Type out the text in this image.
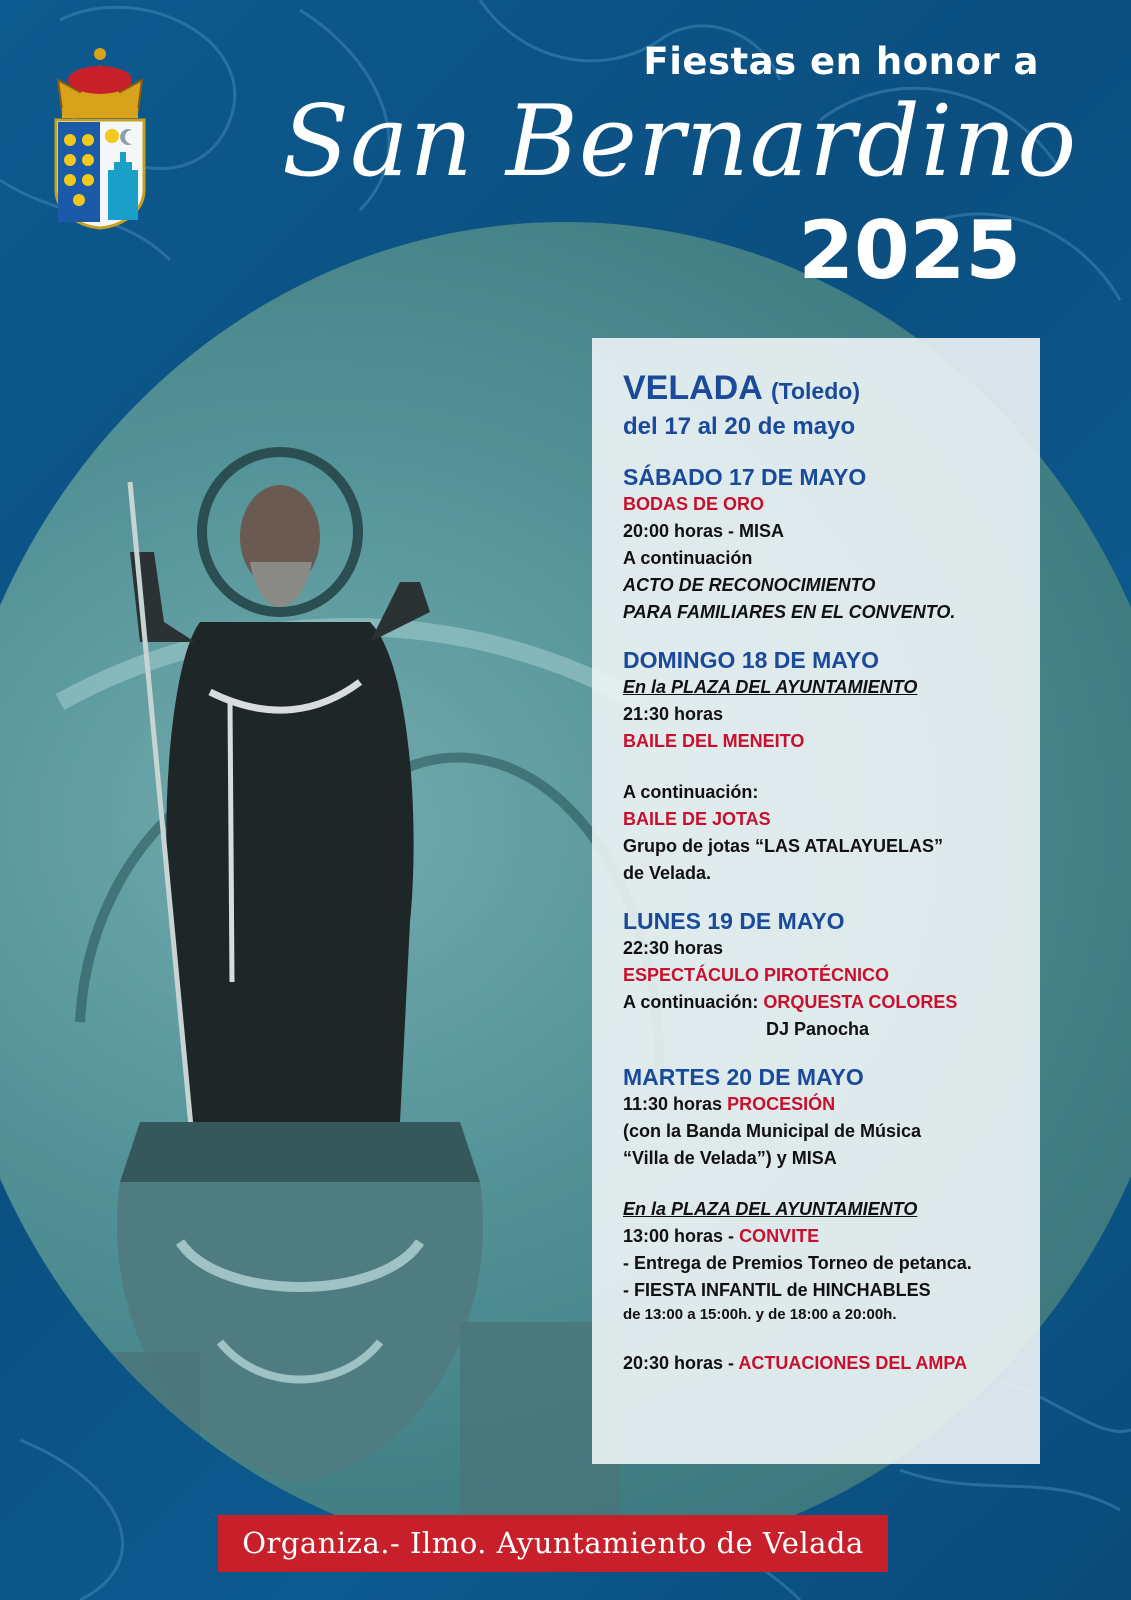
Fiestas en honor a
San Bernardino
2025
VELADA (Toledo)
del 17 al 20 de mayo
SÁBADO 17 DE MAYO
BODAS DE ORO
20:00 horas - MISA
A continuación
ACTO DE RECONOCIMIENTO
PARA FAMILIARES EN EL CONVENTO.
DOMINGO 18 DE MAYO
En la PLAZA DEL AYUNTAMIENTO
21:30 horas
BAILE DEL MENEITO
A continuación:
BAILE DE JOTAS
Grupo de jotas “LAS ATALAYUELAS”
de Velada.
LUNES 19 DE MAYO
22:30 horas
ESPECTÁCULO PIROTÉCNICO
A continuación: ORQUESTA COLORES
DJ Panocha
MARTES 20 DE MAYO
11:30 horas PROCESIÓN
(con la Banda Municipal de Música
“Villa de Velada”) y MISA
En la PLAZA DEL AYUNTAMIENTO
13:00 horas - CONVITE
- Entrega de Premios Torneo de petanca.
- FIESTA INFANTIL de HINCHABLES
de 13:00 a 15:00h. y de 18:00 a 20:00h.
20:30 horas - ACTUACIONES DEL AMPA
Organiza.- Ilmo. Ayuntamiento de Velada
